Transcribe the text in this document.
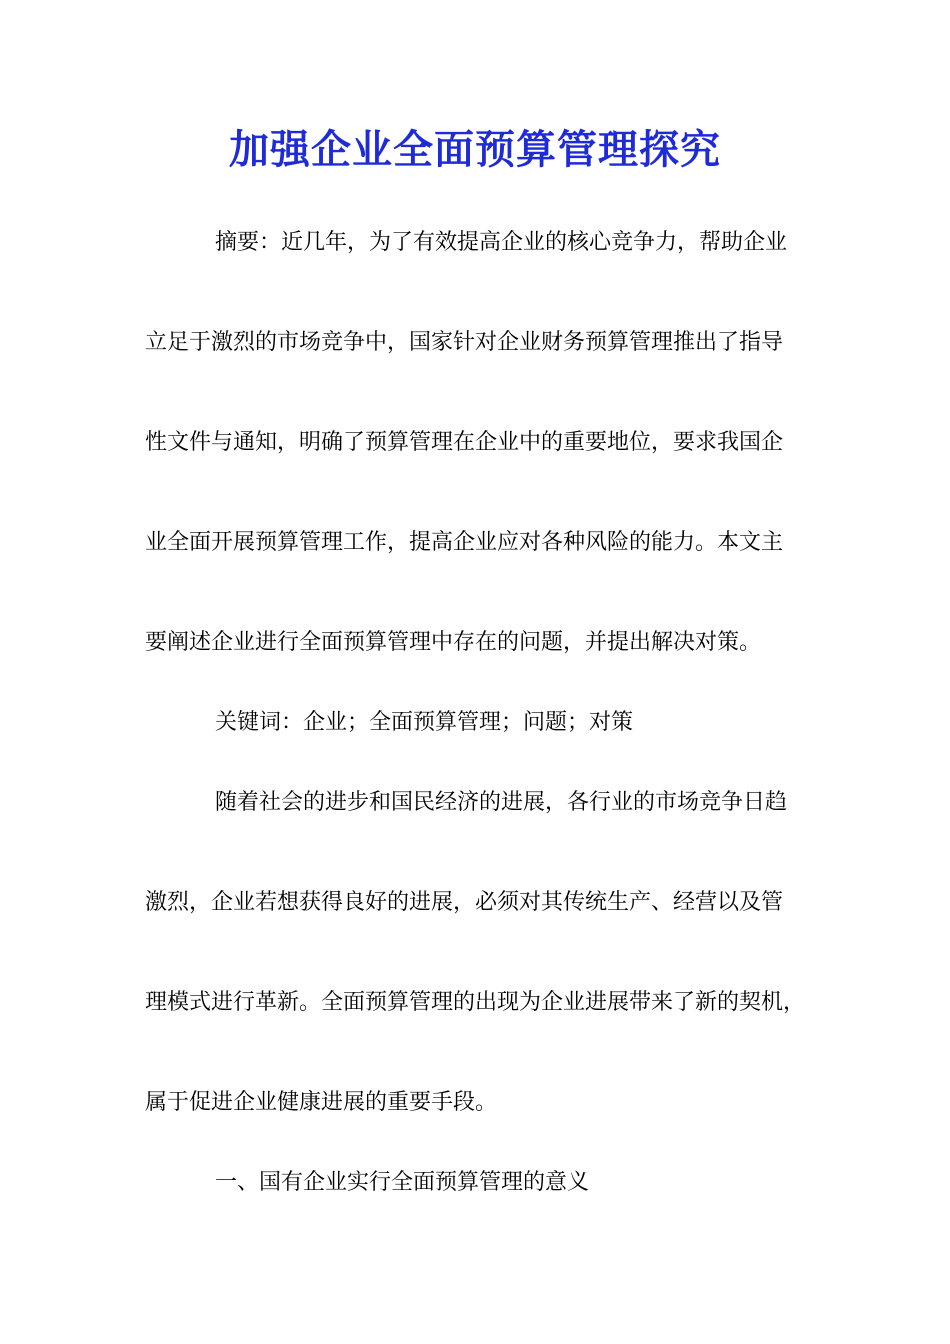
加强企业全面预算管理探究

摘要：近几年，为了有效提高企业的核心竞争力，帮助企业

立足于激烈的市场竞争中，国家针对企业财务预算管理推出了指导

性文件与通知，明确了预算管理在企业中的重要地位，要求我国企

业全面开展预算管理工作，提高企业应对各种风险的能力。本文主

要阐述企业进行全面预算管理中存在的问题，并提出解决对策。

关键词：企业；全面预算管理；问题；对策

随着社会的进步和国民经济的进展，各行业的市场竞争日趋

激烈，企业若想获得良好的进展，必须对其传统生产、经营以及管

理模式进行革新。全面预算管理的出现为企业进展带来了新的契机，

属于促进企业健康进展的重要手段。

一、国有企业实行全面预算管理的意义
